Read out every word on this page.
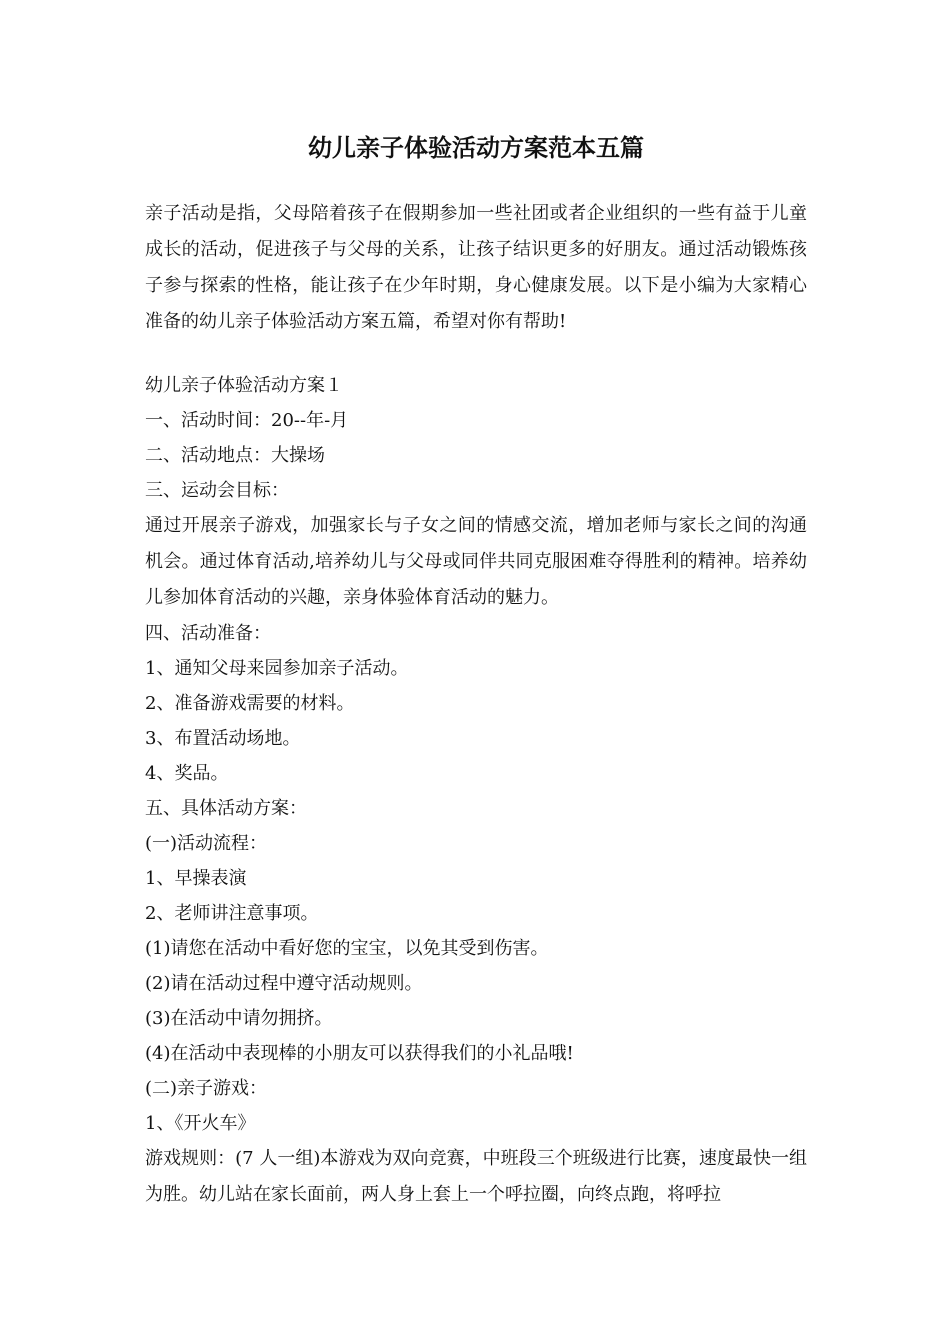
幼儿亲子体验活动方案范本五篇

亲子活动是指，父母陪着孩子在假期参加一些社团或者企业组织的一些有益于儿童成长的活动，促进孩子与父母的关系，让孩子结识更多的好朋友。通过活动锻炼孩子参与探索的性格，能让孩子在少年时期，身心健康发展。以下是小编为大家精心准备的幼儿亲子体验活动方案五篇，希望对你有帮助!

幼儿亲子体验活动方案１

一、活动时间：20--年-月

二、活动地点：大操场

三、运动会目标：

通过开展亲子游戏，加强家长与子女之间的情感交流，增加老师与家长之间的沟通机会。通过体育活动,培养幼儿与父母或同伴共同克服困难夺得胜利的精神。培养幼儿参加体育活动的兴趣，亲身体验体育活动的魅力。

四、活动准备：

1、通知父母来园参加亲子活动。

2、准备游戏需要的材料。

3、布置活动场地。

4、奖品。

五、具体活动方案：

(一)活动流程：

1、早操表演

2、老师讲注意事项。

(1)请您在活动中看好您的宝宝，以免其受到伤害。

(2)请在活动过程中遵守活动规则。

(3)在活动中请勿拥挤。

(4)在活动中表现棒的小朋友可以获得我们的小礼品哦!

(二)亲子游戏：

1、《开火车》

游戏规则：(7 人一组)本游戏为双向竞赛，中班段三个班级进行比赛，速度最快一组为胜。幼儿站在家长面前，两人身上套上一个呼拉圈，向终点跑，将呼拉
